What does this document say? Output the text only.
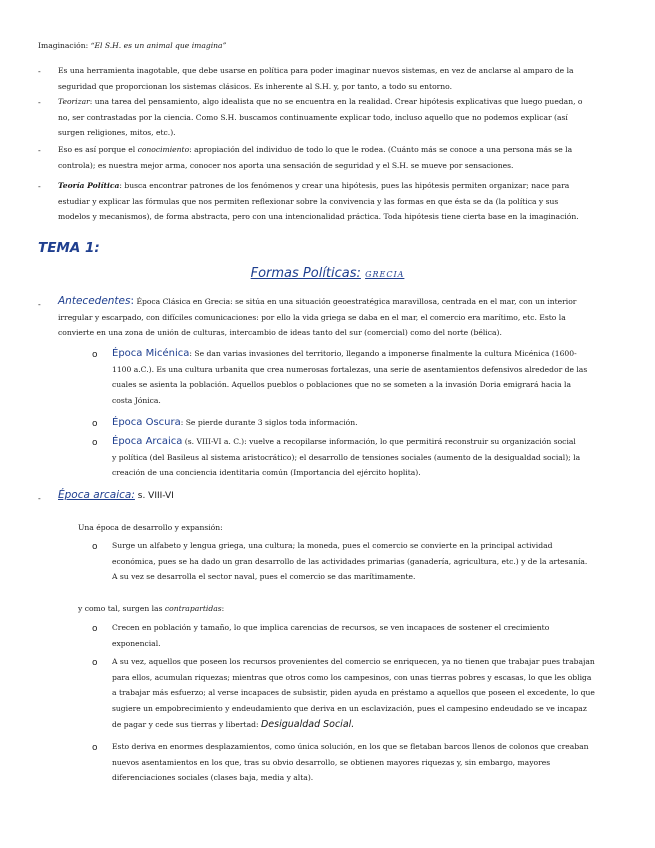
Imaginación: “El S.H. es un animal que imagina”
- Es una herramienta inagotable, que debe usarse en política para poder imaginar nuevos sistemas, en vez de anclarse al amparo de la
seguridad que proporcionan los sistemas clásicos. Es inherente al S.H. y, por tanto, a todo su entorno.
- Teorizar: una tarea del pensamiento, algo idealista que no se encuentra en la realidad. Crear hipótesis explicativas que luego puedan, o
no, ser contrastadas por la ciencia. Como S.H. buscamos continuamente explicar todo, incluso aquello que no podemos explicar (así
surgen religiones, mitos, etc.).
- Eso es así porque el conocimiento: apropiación del individuo de todo lo que le rodea. (Cuánto más se conoce a una persona más se la
controla); es nuestra mejor arma, conocer nos aporta una sensación de seguridad y el S.H. se mueve por sensaciones.
- Teoría Política: busca encontrar patrones de los fenómenos y crear una hipótesis, pues las hipótesis permiten organizar; nace para
estudiar y explicar las fórmulas que nos permiten reflexionar sobre la convivencia y las formas en que ésta se da (la política y sus
modelos y mecanismos), de forma abstracta, pero con una intencionalidad práctica. Toda hipótesis tiene cierta base en la imaginación.
TEMA 1:
Formas Políticas: GRECIA
- Antecedentes: Época Clásica en Grecia: se sitúa en una situación geoestratégica maravillosa, centrada en el mar, con un interior
irregular y escarpado, con difíciles comunicaciones: por ello la vida griega se daba en el mar, el comercio era marítimo, etc. Esto la
convierte en una zona de unión de culturas, intercambio de ideas tanto del sur (comercial) como del norte (bélica).
o Época Micénica: Se dan varias invasiones del territorio, llegando a imponerse finalmente la cultura Micénica (1600-
1100 a.C.). Es una cultura urbanita que crea numerosas fortalezas, una serie de asentamientos defensivos alrededor de las
cuales se asienta la población. Aquellos pueblos o poblaciones que no se someten a la invasión Doria emigrará hacia la
costa Jónica.
o Época Oscura: Se pierde durante 3 siglos toda información.
o Época Arcaica (s. VIII-VI a. C.): vuelve a recopilarse información, lo que permitirá reconstruir su organización social
y política (del Basileus al sistema aristocrático); el desarrollo de tensiones sociales (aumento de la desigualdad social); la
creación de una conciencia identitaria común (Importancia del ejército hoplita).
- Época arcaica: s. VIII-VI
Una época de desarrollo y expansión:
o Surge un alfabeto y lengua griega, una cultura; la moneda, pues el comercio se convierte en la principal actividad
económica, pues se ha dado un gran desarrollo de las actividades primarias (ganadería, agricultura, etc.) y de la artesanía.
A su vez se desarrolla el sector naval, pues el comercio se das marítimamente.
y como tal, surgen las contrapartidas:
o Crecen en población y tamaño, lo que implica carencias de recursos, se ven incapaces de sostener el crecimiento
exponencial.
o A su vez, aquellos que poseen los recursos provenientes del comercio se enriquecen, ya no tienen que trabajar pues trabajan
para ellos, acumulan riquezas; mientras que otros como los campesinos, con unas tierras pobres y escasas, lo que les obliga
a trabajar más esfuerzo; al verse incapaces de subsistir, piden ayuda en préstamo a aquellos que poseen el excedente, lo que
sugiere un empobrecimiento y endeudamiento que deriva en un esclavización, pues el campesino endeudado se ve incapaz
de pagar y cede sus tierras y libertad: Desigualdad Social.
o Esto deriva en enormes desplazamientos, como única solución, en los que se fletaban barcos llenos de colonos que creaban
nuevos asentamientos en los que, tras su obvio desarrollo, se obtienen mayores riquezas y, sin embargo, mayores
diferenciaciones sociales (clases baja, media y alta).
